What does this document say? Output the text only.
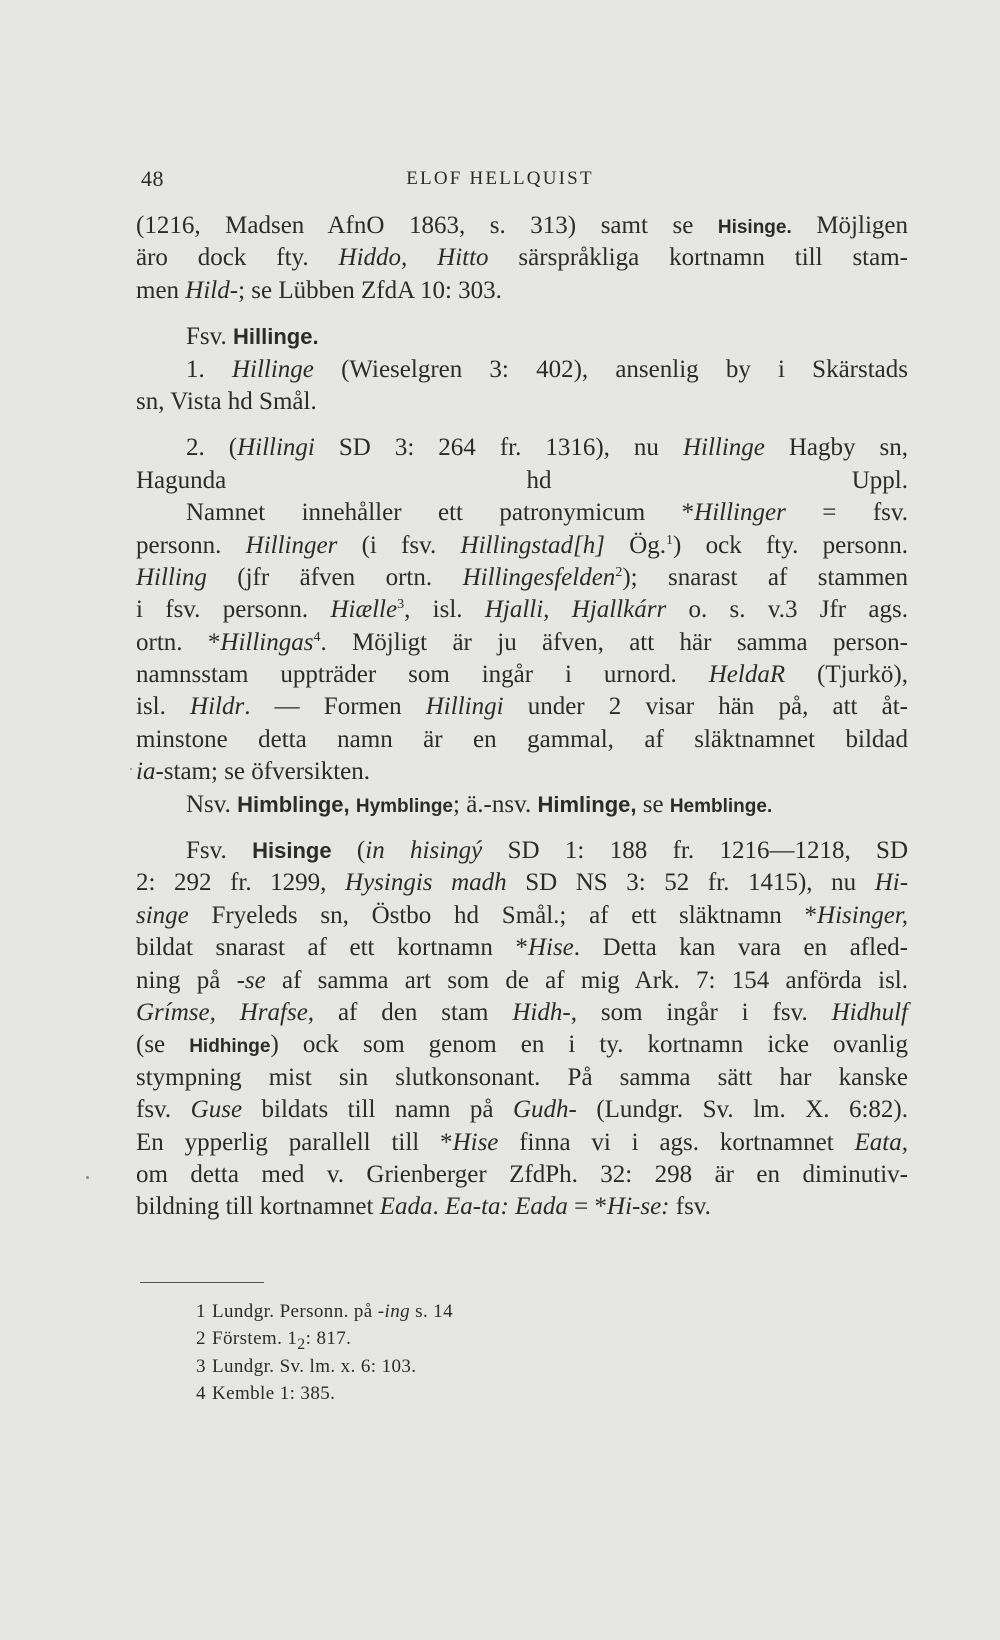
48	ELOF HELLQUIST
(1216, Madsen AfnO 1863, s. 313) samt se Hisinge. Möjligen
äro dock fty. Hiddo, Hitto särspråkliga kortnamn till stam-
men Hild-; se Lübben ZfdA 10: 303.
Fsv. Hillinge.
  1. Hillinge (Wieselgren 3: 402), ansenlig by i Skärstads
sn, Vista hd Smål.
  2. (Hillingi SD 3: 264 fr. 1316), nu Hillinge Hagby sn,
Hagunda hd Uppl.
  Namnet innehåller ett patronymicum *Hillinger = fsv.
personn. Hillinger (i fsv. Hillingstad[h] Ög.$^1$) ock fty. personn.
Hilling (jfr äfven ortn. Hillingesfelden$^2$); snarast af stammen
i fsv. personn. Hiælle$^3$, isl. Hjalli, Hjallkárr o. s. v.3 Jfr ags.
ortn. *Hillingas$^4$. Möjligt är ju äfven, att här samma person-
namnsstam uppträder som ingår i urnord. HeldaR (Tjurkö),
isl. Hildr. — Formen Hillingi under 2 visar hän på, att åt-
minstone detta namn är en gammal, af släktnamnet bildad
ia-stam; se öfversikten.
Nsv. Himblinge, Hymblinge; ä.-nsv. Himlinge, se Hemblinge.
  Fsv. Hisinge (in hisingý SD 1: 188 fr. 1216—1218, SD
2: 292 fr. 1299, Hysingis madh SD NS 3: 52 fr. 1415), nu Hi-
singe Fryeleds sn, Östbo hd Smål.; af ett släktnamn *Hisinger,
bildat snarast af ett kortnamn *Hise. Detta kan vara en afled-
ning på -se af samma art som de af mig Ark. 7: 154 anförda isl.
Grímse, Hrafse, af den stam Hidh-, som ingår i fsv. Hidhulf
(se Hidhinge) ock som genom en i ty. kortnamn icke ovanlig
stympning mist sin slutkonsonant. På samma sätt har kanske
fsv. Guse bildats till namn på Gudh- (Lundgr. Sv. lm. X. 6:82).
En ypperlig parallell till *Hise finna vi i ags. kortnamnet Eata,
om detta med v. Grienberger ZfdPh. 32: 298 är en diminutiv-
bildning till kortnamnet Eada. Ea-ta: Eada = *Hi-se: fsv.
1 Lundgr. Personn. på -ing s. 14
2 Förstem. $1_2$: 817.
3 Lundgr. Sv. lm. x. 6: 103.
4 Kemble 1: 385.
